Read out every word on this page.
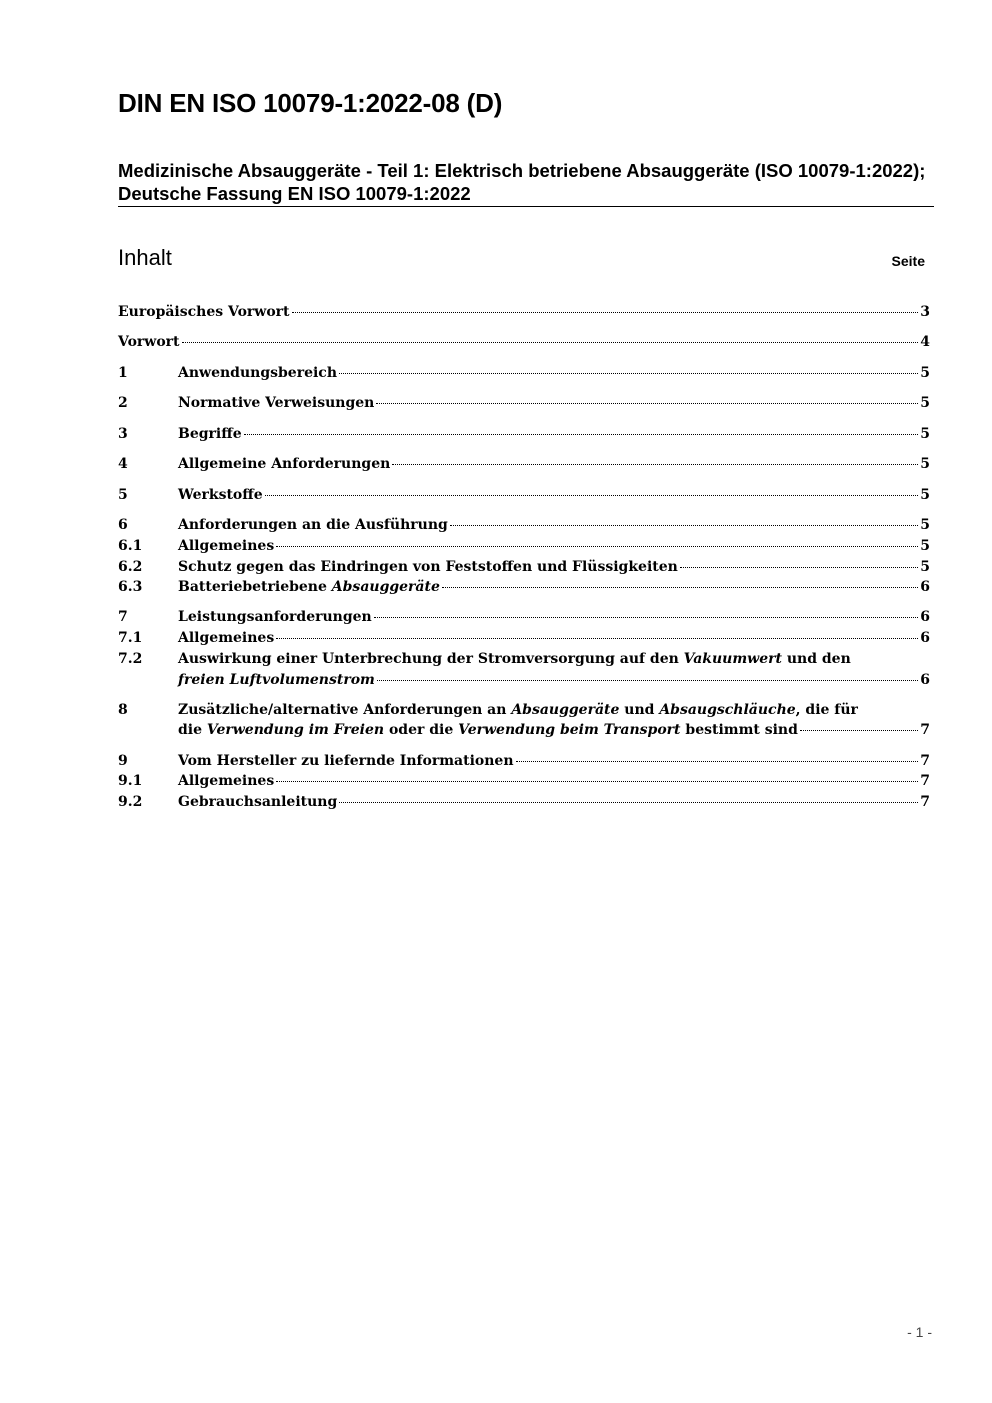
DIN EN ISO 10079-1:2022-08 (D)
Medizinische Absauggeräte - Teil 1: Elektrisch betriebene Absauggeräte (ISO 10079-1:2022); Deutsche Fassung EN ISO 10079-1:2022
Inhalt	Seite
Europäisches Vorwort	3
Vorwort	4
1	Anwendungsbereich	5
2	Normative Verweisungen	5
3	Begriffe	5
4	Allgemeine Anforderungen	5
5	Werkstoffe	5
6	Anforderungen an die Ausführung	5
6.1	Allgemeines	5
6.2	Schutz gegen das Eindringen von Feststoffen und Flüssigkeiten	5
6.3	Batteriebetriebene Absauggeräte	6
7	Leistungsanforderungen	6
7.1	Allgemeines	6
7.2	Auswirkung einer Unterbrechung der Stromversorgung auf den Vakuumwert und den
freien Luftvolumenstrom	6
8	Zusätzliche/alternative Anforderungen an Absauggeräte und Absaugschläuche, die für
die Verwendung im Freien oder die Verwendung beim Transport bestimmt sind	7
9	Vom Hersteller zu liefernde Informationen	7
9.1	Allgemeines	7
9.2	Gebrauchsanleitung	7
- 1 -
